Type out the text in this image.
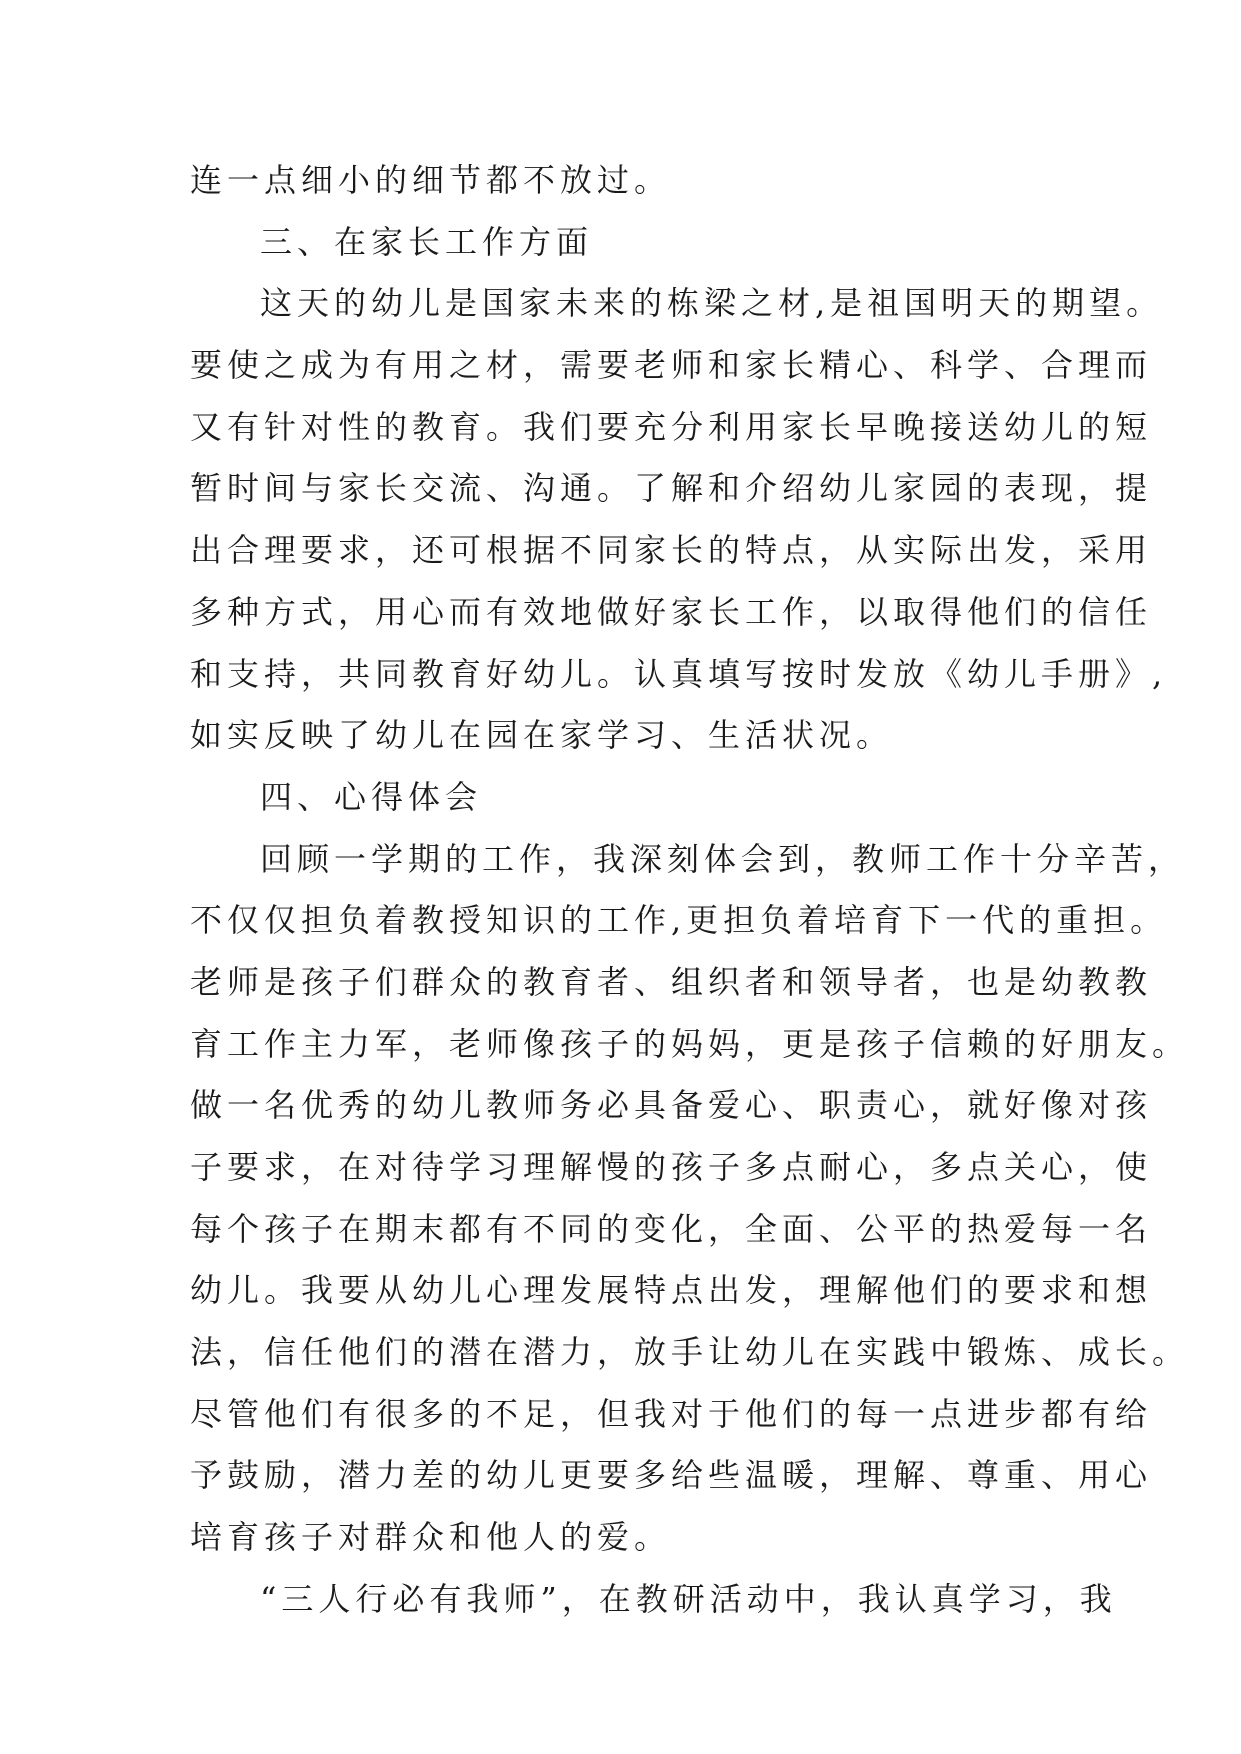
连一点细小的细节都不放过。
三、在家长工作方面
这天的幼儿是国家未来的栋梁之材,是祖国明天的期望。
要使之成为有用之材，需要老师和家长精心、科学、合理而
又有针对性的教育。我们要充分利用家长早晚接送幼儿的短
暂时间与家长交流、沟通。了解和介绍幼儿家园的表现，提
出合理要求，还可根据不同家长的特点，从实际出发，采用
多种方式，用心而有效地做好家长工作，以取得他们的信任
和支持，共同教育好幼儿。认真填写按时发放《幼儿手册》,
如实反映了幼儿在园在家学习、生活状况。
四、心得体会
回顾一学期的工作，我深刻体会到，教师工作十分辛苦，
不仅仅担负着教授知识的工作,更担负着培育下一代的重担。
老师是孩子们群众的教育者、组织者和领导者，也是幼教教
育工作主力军，老师像孩子的妈妈，更是孩子信赖的好朋友。
做一名优秀的幼儿教师务必具备爱心、职责心，就好像对孩
子要求，在对待学习理解慢的孩子多点耐心，多点关心，使
每个孩子在期末都有不同的变化，全面、公平的热爱每一名
幼儿。我要从幼儿心理发展特点出发，理解他们的要求和想
法，信任他们的潜在潜力，放手让幼儿在实践中锻炼、成长。
尽管他们有很多的不足，但我对于他们的每一点进步都有给
予鼓励，潜力差的幼儿更要多给些温暖，理解、尊重、用心
培育孩子对群众和他人的爱。
“三人行必有我师”，在教研活动中，我认真学习，我
